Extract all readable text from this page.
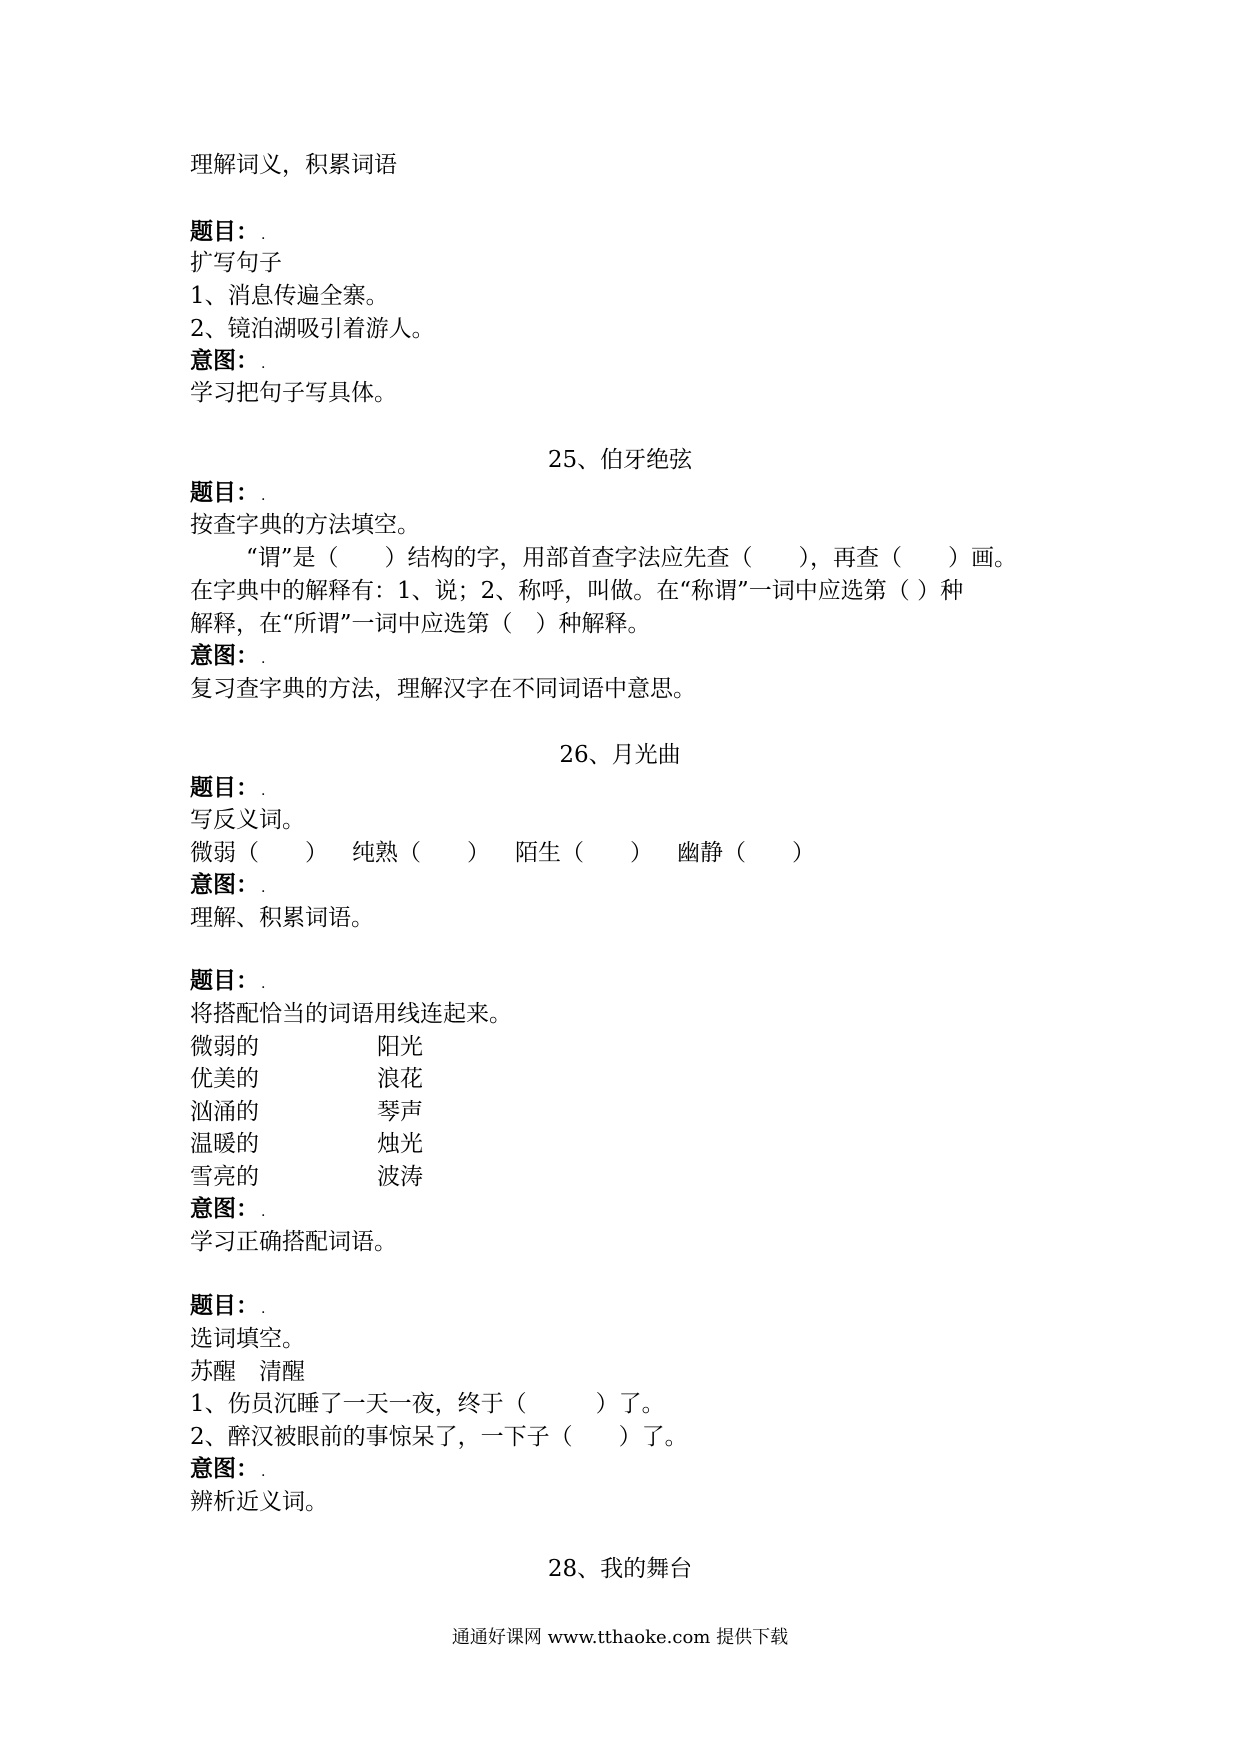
理解词义，积累词语
题目： .
扩写句子
1、消息传遍全寨。
2、镜泊湖吸引着游人。
意图： .
学习把句子写具体。
25、伯牙绝弦
题目： .
按查字典的方法填空。
“谓”是（　　）结构的字，用部首查字法应先查（　　），再查（　　）画。
在字典中的解释有：1、说；2、称呼，叫做。在“称谓”一词中应选第（ ）种
解释，在“所谓”一词中应选第（　）种解释。
意图： .
复习查字典的方法，理解汉字在不同词语中意思。
26、月光曲
题目： .
写反义词。
微弱（　　） 纯熟（　　） 陌生（　　） 幽静（　　）
意图： .
理解、积累词语。
题目： .
将搭配恰当的词语用线连起来。
微弱的	阳光
优美的	浪花
汹涌的	琴声
温暖的	烛光
雪亮的	波涛
意图： .
学习正确搭配词语。
题目： .
选词填空。
苏醒　清醒
1、伤员沉睡了一天一夜，终于（　　　）了。
2、醉汉被眼前的事惊呆了，一下子（　　）了。
意图： .
辨析近义词。
28、我的舞台
通通好课网 www.tthaoke.com 提供下载
